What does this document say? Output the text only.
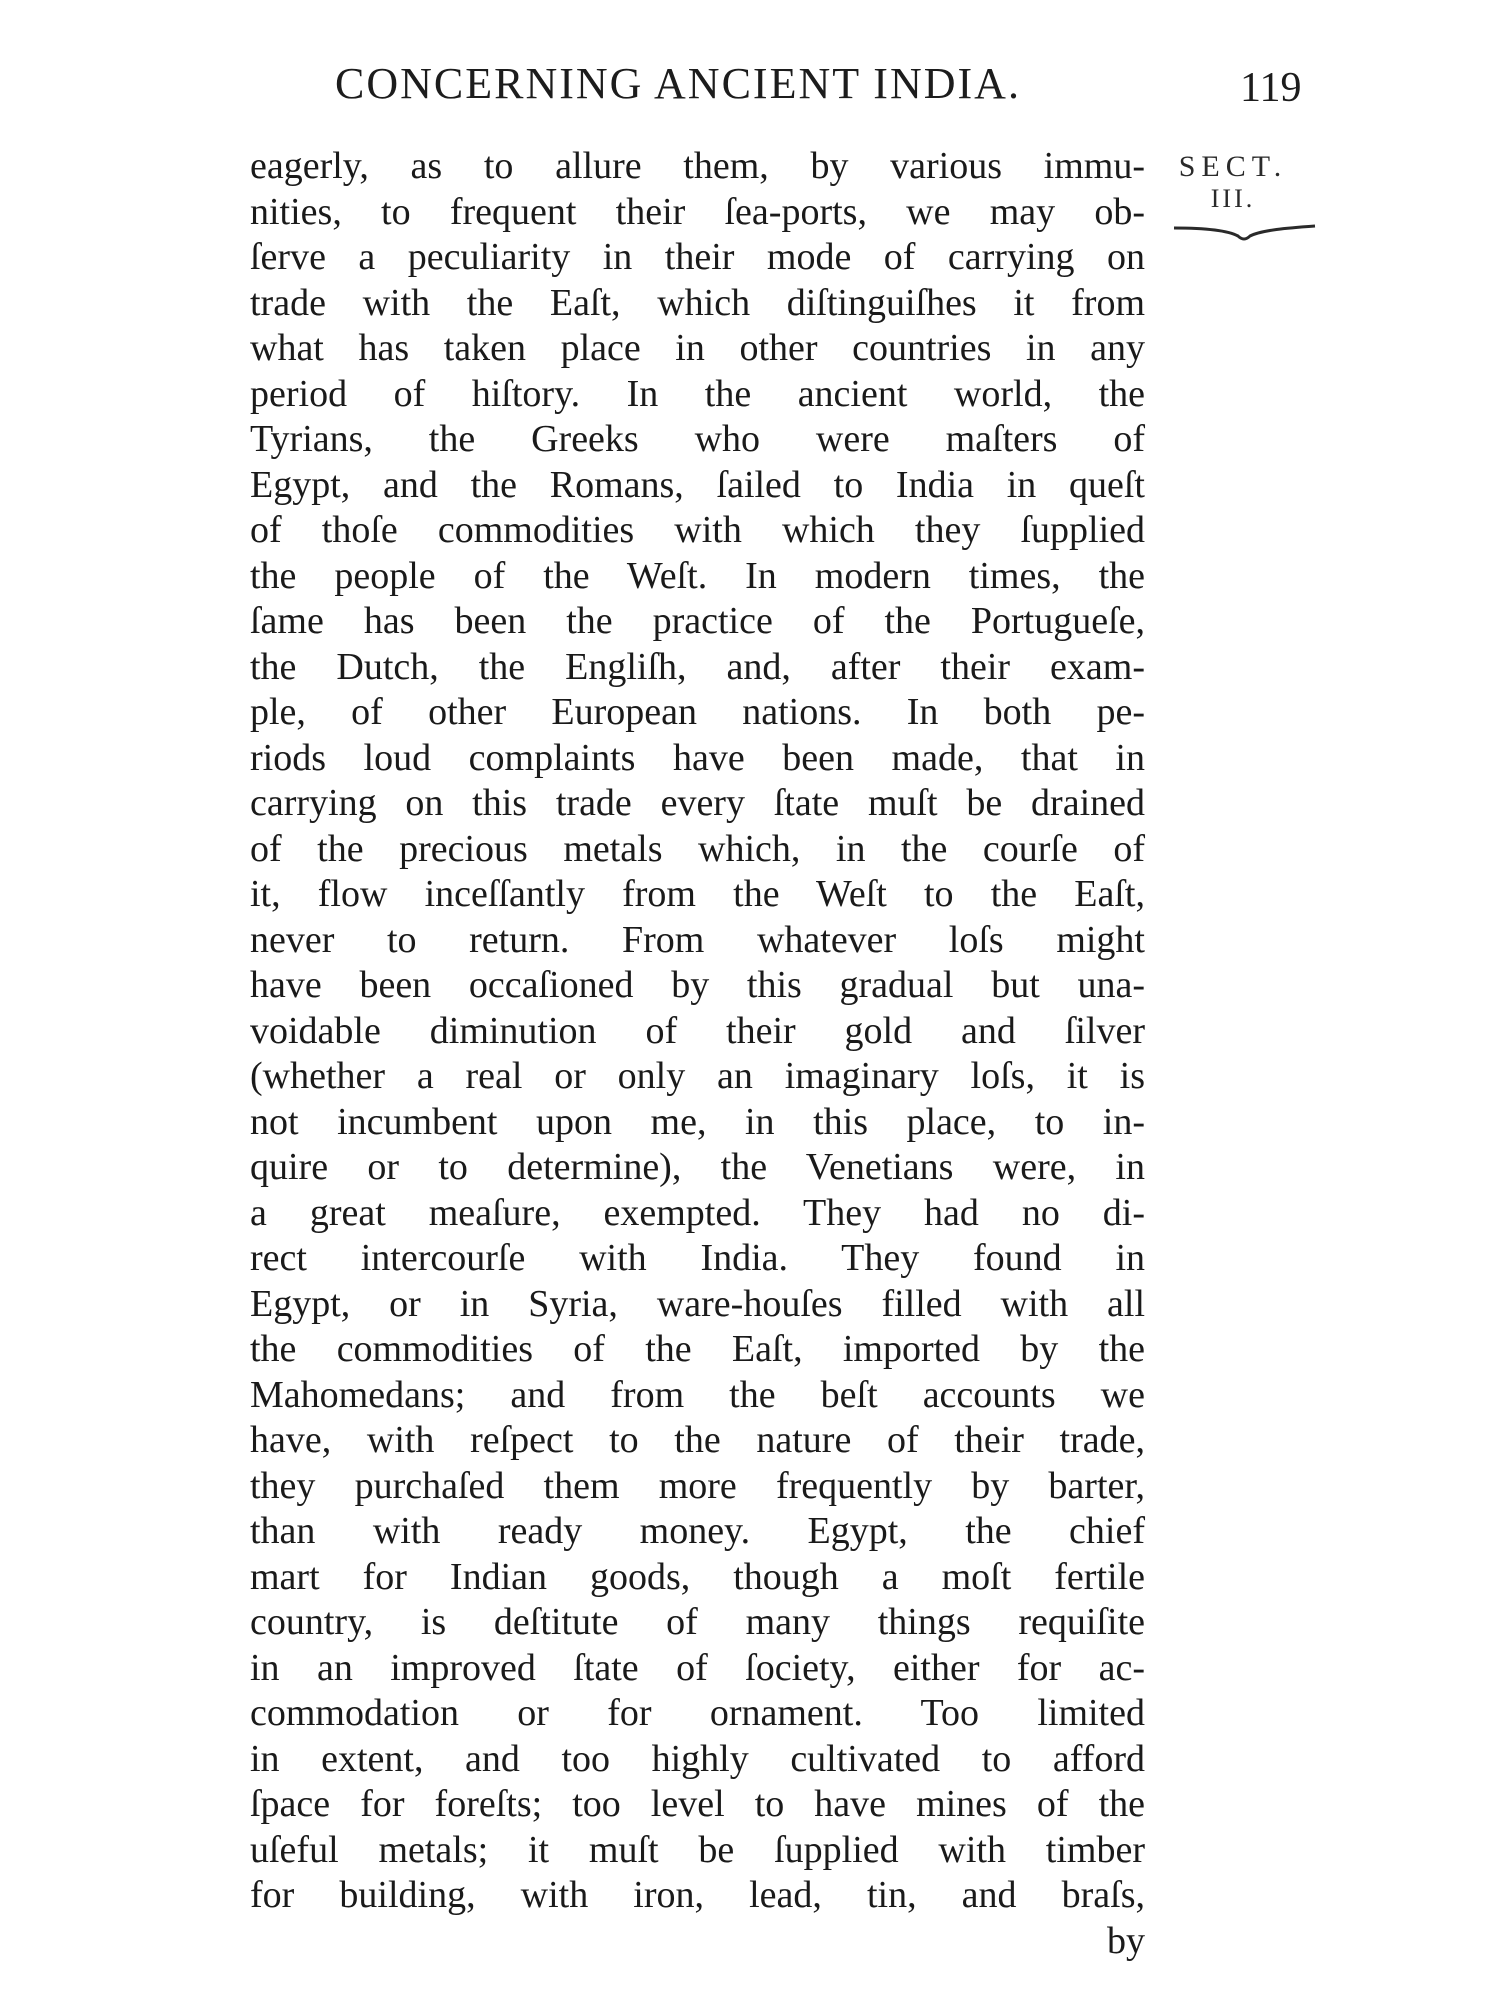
CONCERNING ANCIENT INDIA.	119
SECT.
III.
eagerly, as to allure them, by various immu-
nities, to frequent their ſea-ports, we may ob-
ſerve a peculiarity in their mode of carrying on
trade with the Eaſt, which diſtinguiſhes it from
what has taken place in other countries in any
period of hiſtory. In the ancient world, the
Tyrians, the Greeks who were maſters of
Egypt, and the Romans, ſailed to India in queſt
of thoſe commodities with which they ſupplied
the people of the Weſt. In modern times, the
ſame has been the practice of the Portugueſe,
the Dutch, the Engliſh, and, after their exam-
ple, of other European nations. In both pe-
riods loud complaints have been made, that in
carrying on this trade every ſtate muſt be drained
of the precious metals which, in the courſe of
it, flow inceſſantly from the Weſt to the Eaſt,
never to return. From whatever loſs might
have been occaſioned by this gradual but una-
voidable diminution of their gold and ſilver
(whether a real or only an imaginary loſs, it is
not incumbent upon me, in this place, to in-
quire or to determine), the Venetians were, in
a great meaſure, exempted. They had no di-
rect intercourſe with India. They found in
Egypt, or in Syria, ware-houſes filled with all
the commodities of the Eaſt, imported by the
Mahomedans; and from the beſt accounts we
have, with reſpect to the nature of their trade,
they purchaſed them more frequently by barter,
than with ready money. Egypt, the chief
mart for Indian goods, though a moſt fertile
country, is deſtitute of many things requiſite
in an improved ſtate of ſociety, either for ac-
commodation or for ornament. Too limited
in extent, and too highly cultivated to afford
ſpace for foreſts; too level to have mines of the
uſeful metals; it muſt be ſupplied with timber
for building, with iron, lead, tin, and braſs,
by
